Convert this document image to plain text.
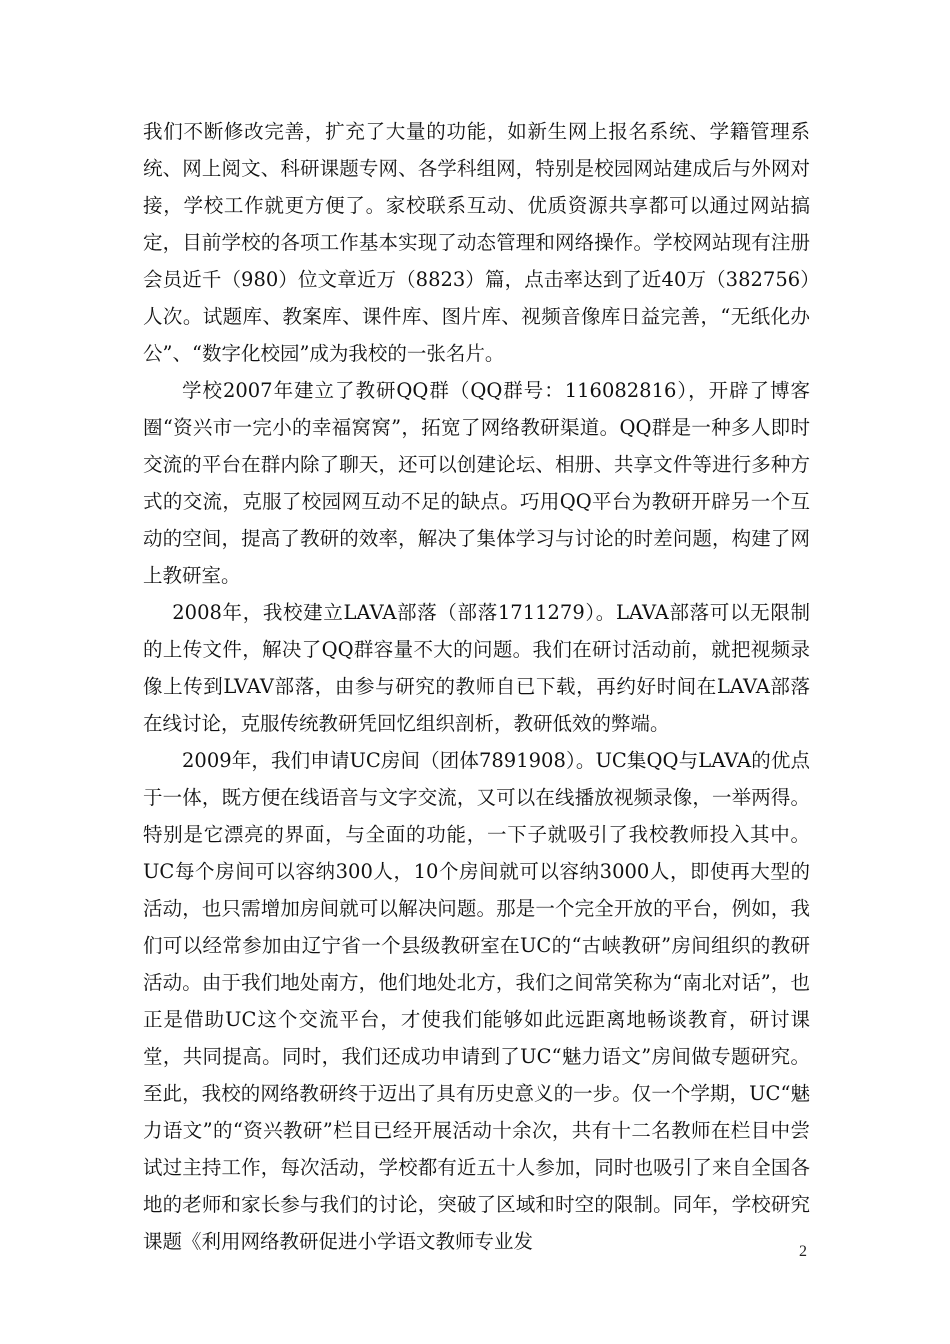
我们不断修改完善，扩充了大量的功能，如新生网上报名系统、学籍管理系统、网上阅文、科研课题专网、各学科组网，特别是校园网站建成后与外网对接，学校工作就更方便了。家校联系互动、优质资源共享都可以通过网站搞定，目前学校的各项工作基本实现了动态管理和网络操作。学校网站现有注册会员近千（980）位文章近万（8823）篇，点击率达到了近40万（382756）人次。试题库、教案库、课件库、图片库、视频音像库日益完善，“无纸化办公”、“数字化校园”成为我校的一张名片。

学校2007年建立了教研QQ群（QQ群号：116082816），开辟了博客圈“资兴市一完小的幸福窝窝”，拓宽了网络教研渠道。QQ群是一种多人即时交流的平台在群内除了聊天，还可以创建论坛、相册、共享文件等进行多种方式的交流，克服了校园网互动不足的缺点。巧用QQ平台为教研开辟另一个互动的空间，提高了教研的效率，解决了集体学习与讨论的时差问题，构建了网上教研室。

2008年，我校建立LAVA部落（部落1711279）。LAVA部落可以无限制的上传文件，解决了QQ群容量不大的问题。我们在研讨活动前，就把视频录像上传到LVAV部落，由参与研究的教师自已下载，再约好时间在LAVA部落在线讨论，克服传统教研凭回忆组织剖析，教研低效的弊端。

2009年，我们申请UC房间（团体7891908）。UC集QQ与LAVA的优点于一体，既方便在线语音与文字交流，又可以在线播放视频录像，一举两得。特别是它漂亮的界面，与全面的功能，一下子就吸引了我校教师投入其中。UC每个房间可以容纳300人，10个房间就可以容纳3000人，即使再大型的活动，也只需增加房间就可以解决问题。那是一个完全开放的平台，例如，我们可以经常参加由辽宁省一个县级教研室在UC的“古峡教研”房间组织的教研活动。由于我们地处南方，他们地处北方，我们之间常笑称为“南北对话”，也正是借助UC这个交流平台，才使我们能够如此远距离地畅谈教育，研讨课堂，共同提高。同时，我们还成功申请到了UC“魅力语文”房间做专题研究。至此，我校的网络教研终于迈出了具有历史意义的一步。仅一个学期，UC“魅力语文”的“资兴教研”栏目已经开展活动十余次，共有十二名教师在栏目中尝试过主持工作，每次活动，学校都有近五十人参加，同时也吸引了来自全国各地的老师和家长参与我们的讨论，突破了区域和时空的限制。同年，学校研究课题《利用网络教研促进小学语文教师专业发	2
